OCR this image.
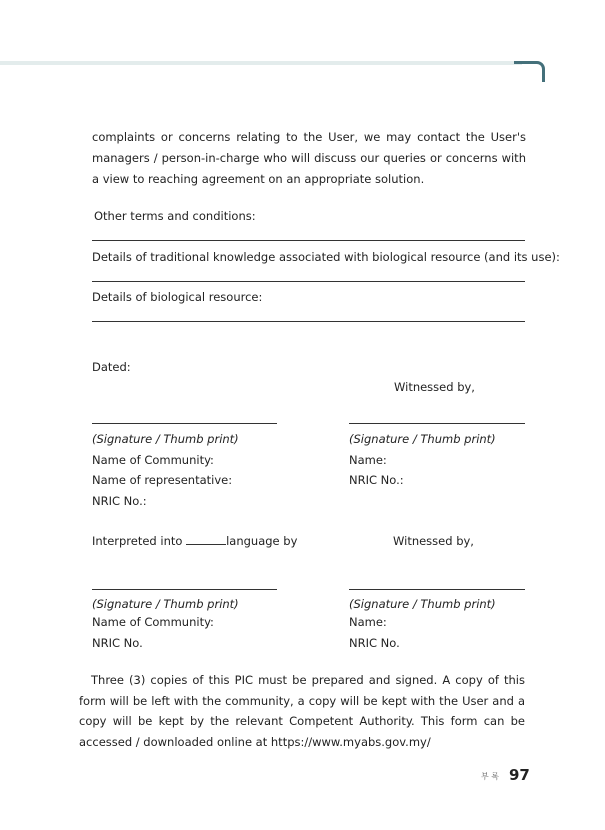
complaints or concerns relating to the User, we may contact the User's managers / person-in-charge who will discuss our queries or concerns with a view to reaching agreement on an appropriate solution.
Other terms and conditions:
Details of traditional knowledge associated with biological resource (and its use):
Details of biological resource:
Dated:
Witnessed by,
(Signature / Thumb print)	(Signature / Thumb print)
Name of Community:	Name:
Name of representative:	NRIC No.:
NRIC No.:
Interpreted into	language by	Witnessed by,
(Signature / Thumb print)	(Signature / Thumb print)
Name of Community:	Name:
NRIC No.	NRIC No.
Three (3) copies of this PIC must be prepared and signed. A copy of this form will be left with the community, a copy will be kept with the User and a copy will be kept by the relevant Competent Authority. This form can be accessed / downloaded online at https://www.myabs.gov.my/
부 록 97
